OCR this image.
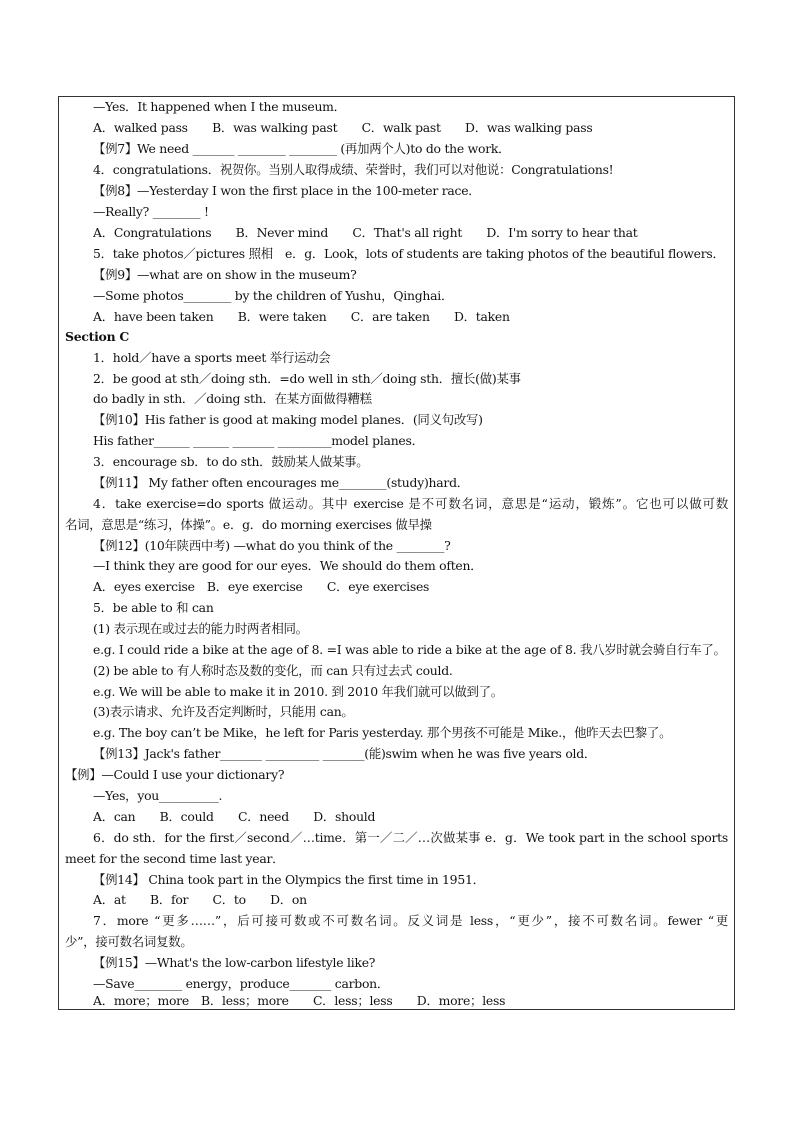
—Yes．It happened when I the museum．
A．walked pass　　B．was walking past　　C．walk past　　D．was walking pass
【例7】We need _______ ________ ________ (再加两个人)to do the work．
4．congratulations．祝贺你。当别人取得成绩、荣誉时，我们可以对他说：Congratulations!
【例8】—Yesterday I won the first place in the 100-meter race．
—Really? ________ !
A．Congratulations　　B．Never mind　　C．That's all right　　D．I'm sorry to hear that
5．take photos／pictures 照相　e．g．Look，lots of students are taking photos of the beautiful flowers．
【例9】—what are on show in the museum?
—Some photos________ by the children of Yushu，Qinghai．
A．have been taken　　B．were taken　　C．are taken　　D．taken
Section C
1．hold／have a sports meet 举行运动会
2．be good at sth／doing sth．=do well in sth／doing sth．擅长(做)某事
do badly in sth．／doing sth．在某方面做得糟糕
【例10】His father is good at making model planes．(同义句改写)
His father______ ______ _______ _________model planes．
3．encourage sb．to do sth．鼓励某人做某事。
【例11】 My father often encourages me________(study)hard．
4．take exercise=do sports 做运动。其中 exercise 是不可数名词，意思是“运动，锻炼”。它也可以做可数
名词，意思是“练习，体操”。e．g．do morning exercises 做早操
【例12】(10年陕西中考) —what do you think of the ________?
—I think they are good for our eyes．We should do them often．
A．eyes exercise　B．eye exercise　　C．eye exercises
5．be able to 和 can
(1) 表示现在或过去的能力时两者相同。
e.g. I could ride a bike at the age of 8. =I was able to ride a bike at the age of 8. 我八岁时就会骑自行车了。
(2) be able to 有人称时态及数的变化，而 can 只有过去式 could.
e.g. We will be able to make it in 2010. 到 2010 年我们就可以做到了。
(3)表示请求、允许及否定判断时，只能用 can。
e.g. The boy can’t be Mike，he left for Paris yesterday. 那个男孩不可能是 Mike.，他昨天去巴黎了。
【例13】Jack's father_______ _________ _______(能)swim when he was five years old．
【例】—Could I use your dictionary?
—Yes，you__________.
A．can　　B．could　　C．need　　D．should
6．do sth．for the first／second／…time．第一／二／…次做某事 e．g．We took part in the school sports
meet for the second time last year．
【例14】 China took part in the Olympics the first time in 1951．
A．at　　B．for　　C．to　　D．on
7．more “更多……”，后可接可数或不可数名词。反义词是 less，“更少”，接不可数名词。fewer “更
少”，接可数名词复数。
【例15】—What's the low-carbon lifestyle like?
—Save________ energy，produce_______ carbon．
A．more；more　B．less；more　　C．less；less　　D．more；less
